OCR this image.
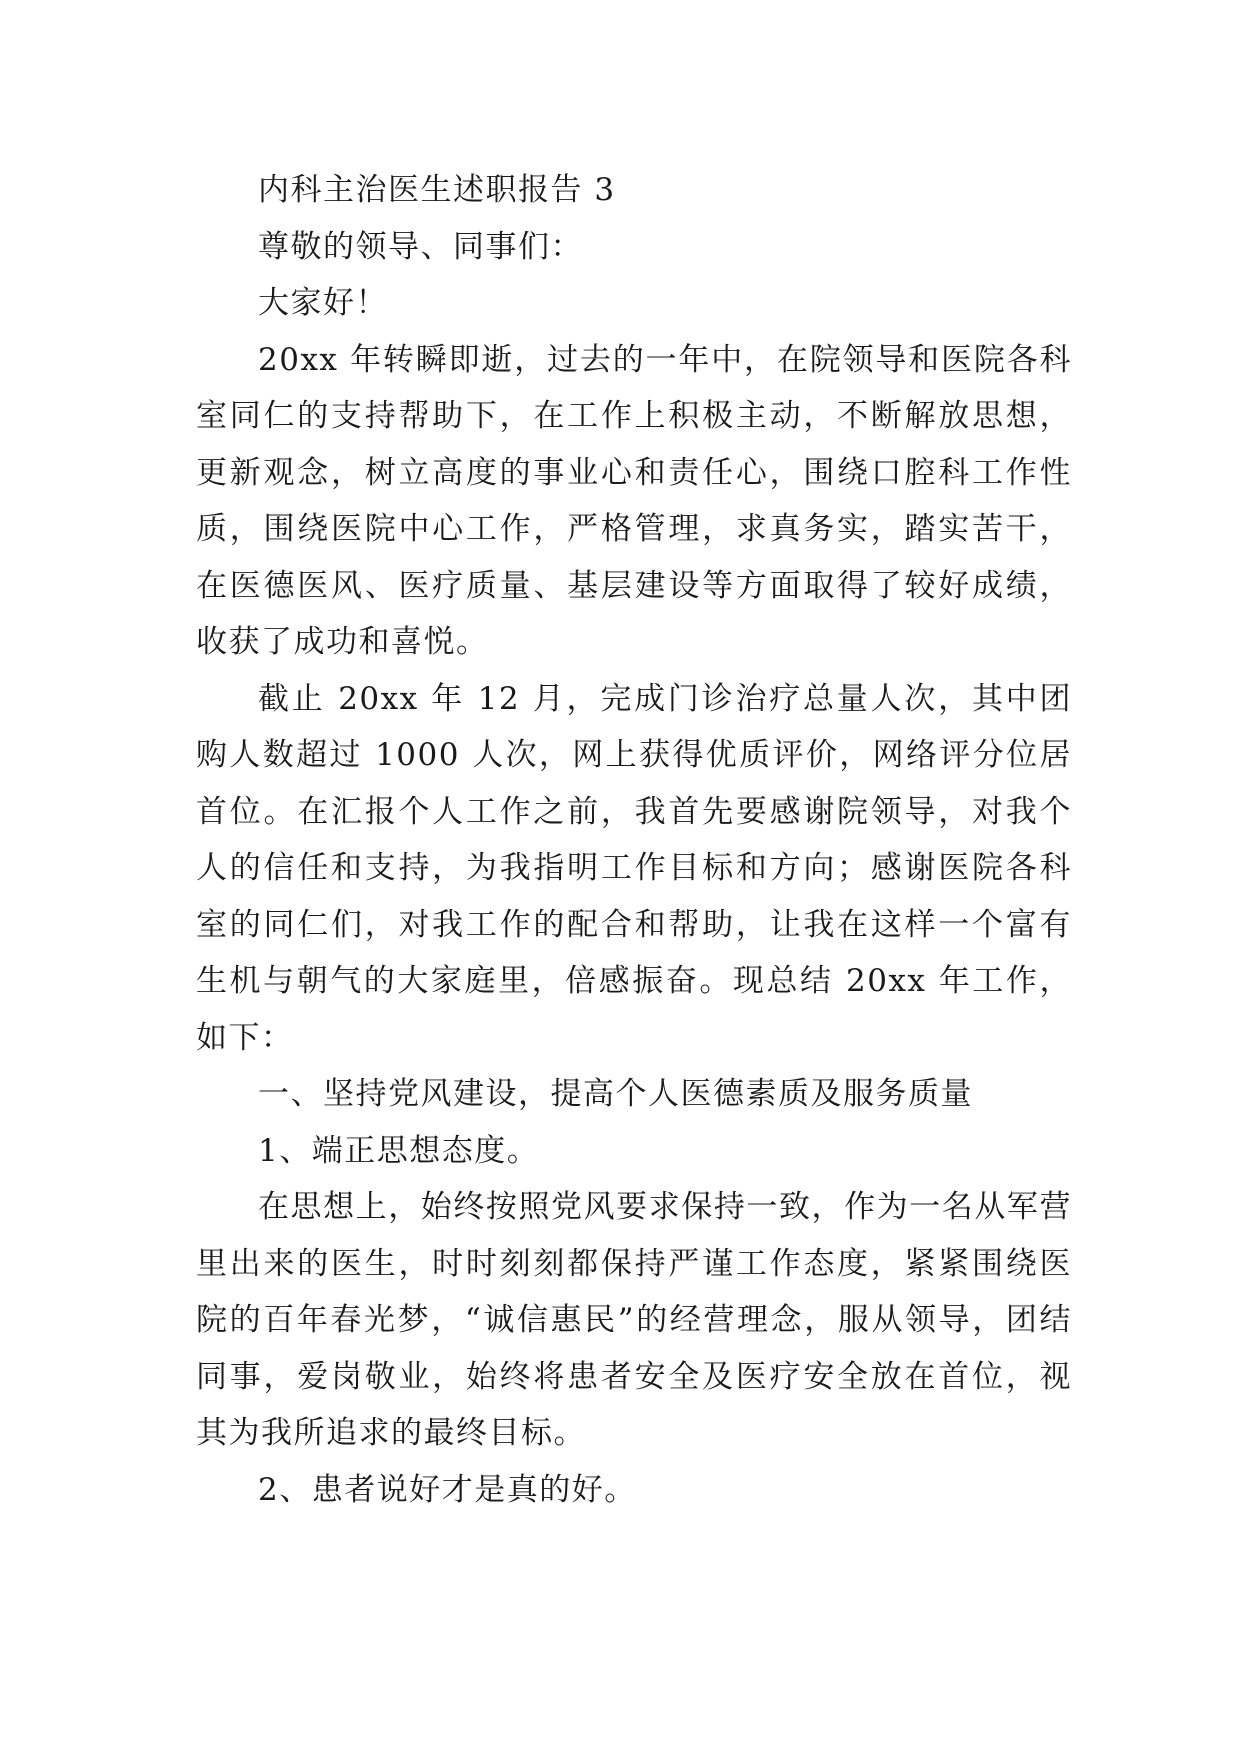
内科主治医生述职报告 3

尊敬的领导、同事们：

大家好！

20xx 年转瞬即逝，过去的一年中，在院领导和医院各科室同仁的支持帮助下，在工作上积极主动，不断解放思想，更新观念，树立高度的事业心和责任心，围绕口腔科工作性质，围绕医院中心工作，严格管理，求真务实，踏实苦干，在医德医风、医疗质量、基层建设等方面取得了较好成绩，收获了成功和喜悦。

截止 20xx 年 12 月，完成门诊治疗总量人次，其中团购人数超过 1000 人次，网上获得优质评价，网络评分位居首位。在汇报个人工作之前，我首先要感谢院领导，对我个人的信任和支持，为我指明工作目标和方向；感谢医院各科室的同仁们，对我工作的配合和帮助，让我在这样一个富有生机与朝气的大家庭里，倍感振奋。现总结 20xx 年工作，如下：

一、坚持党风建设，提高个人医德素质及服务质量

1、端正思想态度。

在思想上，始终按照党风要求保持一致，作为一名从军营里出来的医生，时时刻刻都保持严谨工作态度，紧紧围绕医院的百年春光梦，“诚信惠民”的经营理念，服从领导，团结同事，爱岗敬业，始终将患者安全及医疗安全放在首位，视其为我所追求的最终目标。

2、患者说好才是真的好。
